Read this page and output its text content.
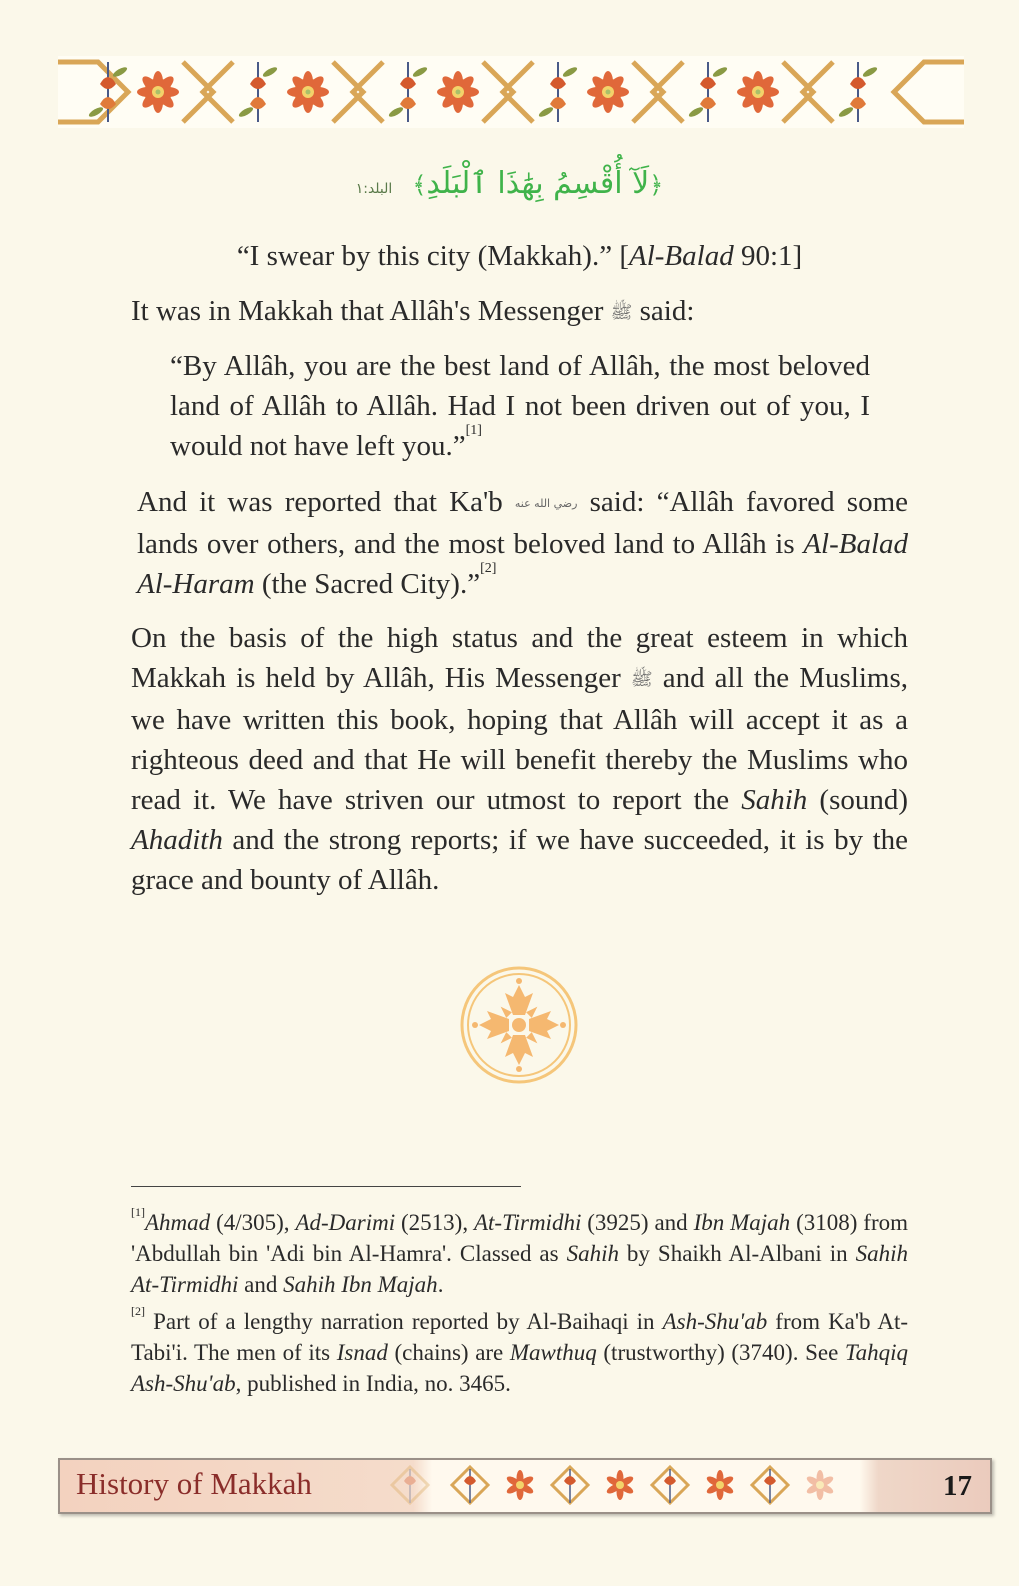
﴿لَآ أُقْسِمُ بِهَٰذَا ٱلْبَلَدِ﴾ البلد:١
“I swear by this city (Makkah).” [Al-Balad 90:1]
It was in Makkah that Allâh's Messenger ﷺ said:
“By Allâh, you are the best land of Allâh, the most beloved land of Allâh to Allâh. Had I not been driven out of you, I would not have left you.”[1]
And it was reported that Ka'b رضي الله عنه said: “Allâh favored some lands over others, and the most beloved land to Allâh is Al-Balad Al-Haram (the Sacred City).”[2]
On the basis of the high status and the great esteem in which Makkah is held by Allâh, His Messenger ﷺ and all the Muslims, we have written this book, hoping that Allâh will accept it as a righteous deed and that He will benefit thereby the Muslims who read it. We have striven our utmost to report the Sahih (sound) Ahadith and the strong reports; if we have succeeded, it is by the grace and bounty of Allâh.
[1]Ahmad (4/305), Ad-Darimi (2513), At-Tirmidhi (3925) and Ibn Majah (3108) from 'Abdullah bin 'Adi bin Al-Hamra'. Classed as Sahih by Shaikh Al-Albani in Sahih At-Tirmidhi and Sahih Ibn Majah.
[2] Part of a lengthy narration reported by Al-Baihaqi in Ash-Shu'ab from Ka'b At-Tabi'i. The men of its Isnad (chains) are Mawthuq (trustworthy) (3740). See Tahqiq Ash-Shu'ab, published in India, no. 3465.
History of Makkah	17
